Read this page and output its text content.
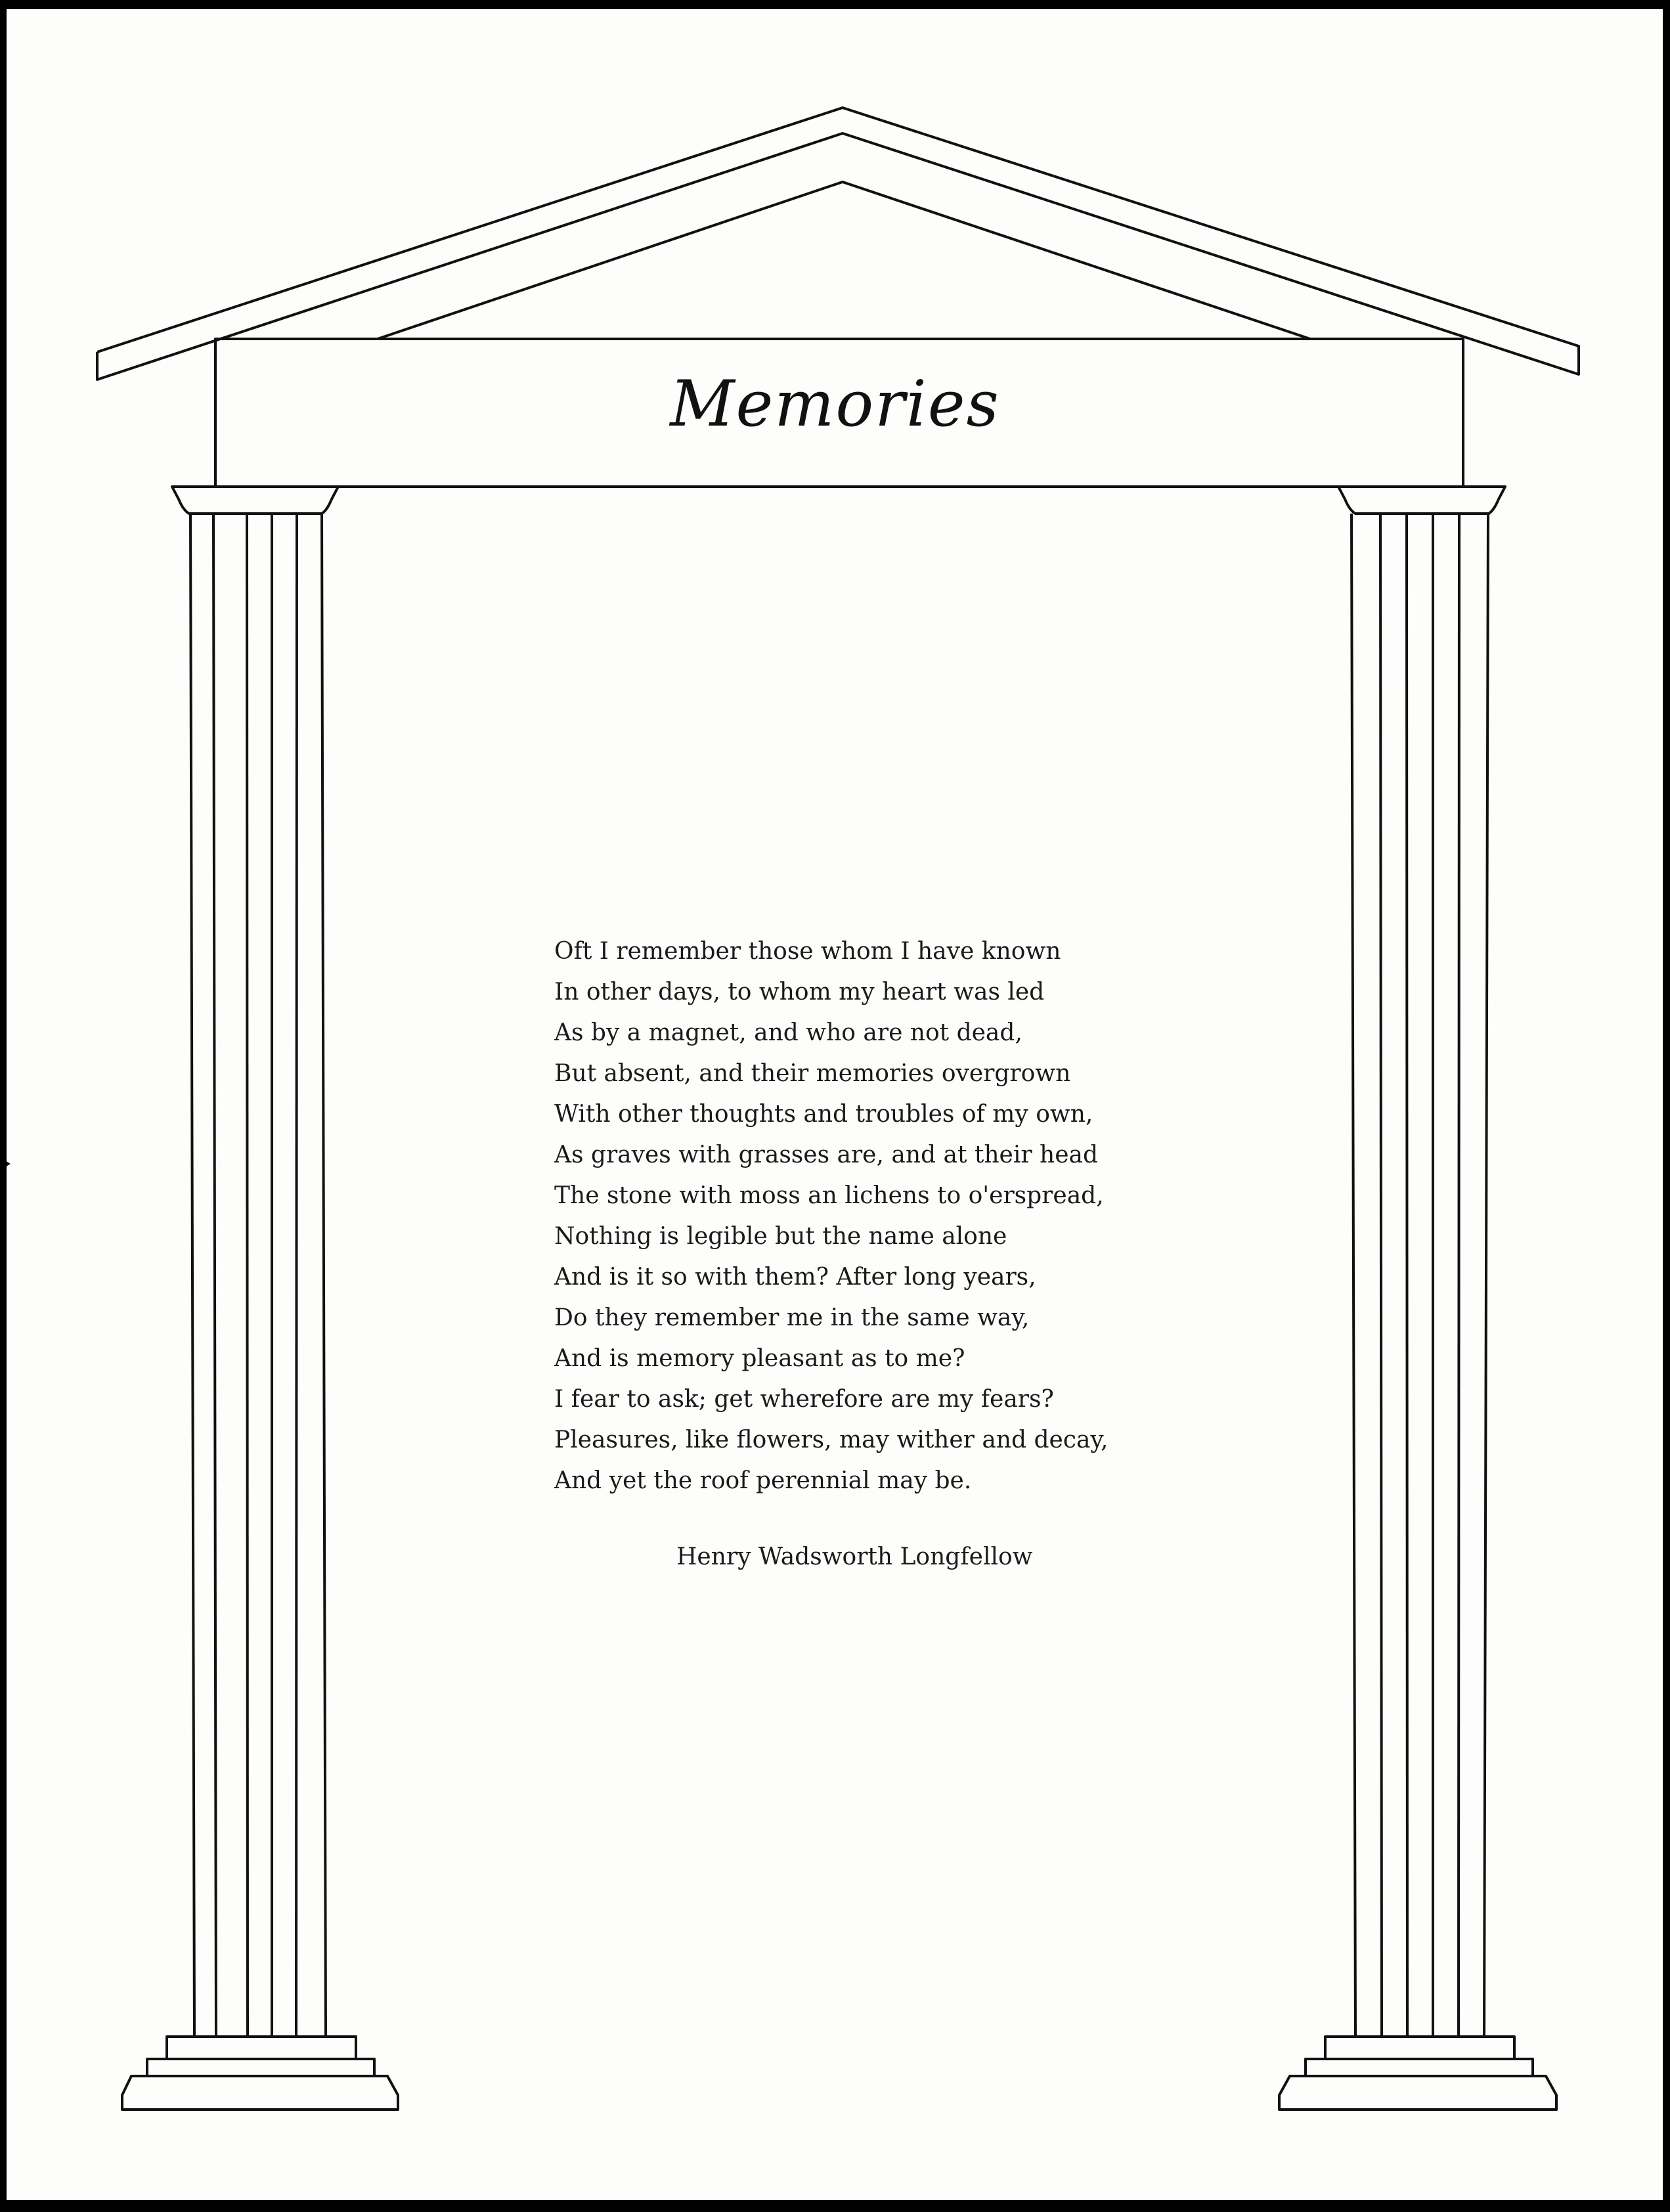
Memories
Oft I remember those whom I have known
In other days, to whom my heart was led
As by a magnet, and who are not dead,
But absent, and their memories overgrown
With other thoughts and troubles of my own,
As graves with grasses are, and at their head
The stone with moss an lichens to o'erspread,
Nothing is legible but the name alone
And is it so with them? After long years,
Do they remember me in the same way,
And is memory pleasant as to me?
I fear to ask; get wherefore are my fears?
Pleasures, like flowers, may wither and decay,
And yet the roof perennial may be.
Henry Wadsworth Longfellow
